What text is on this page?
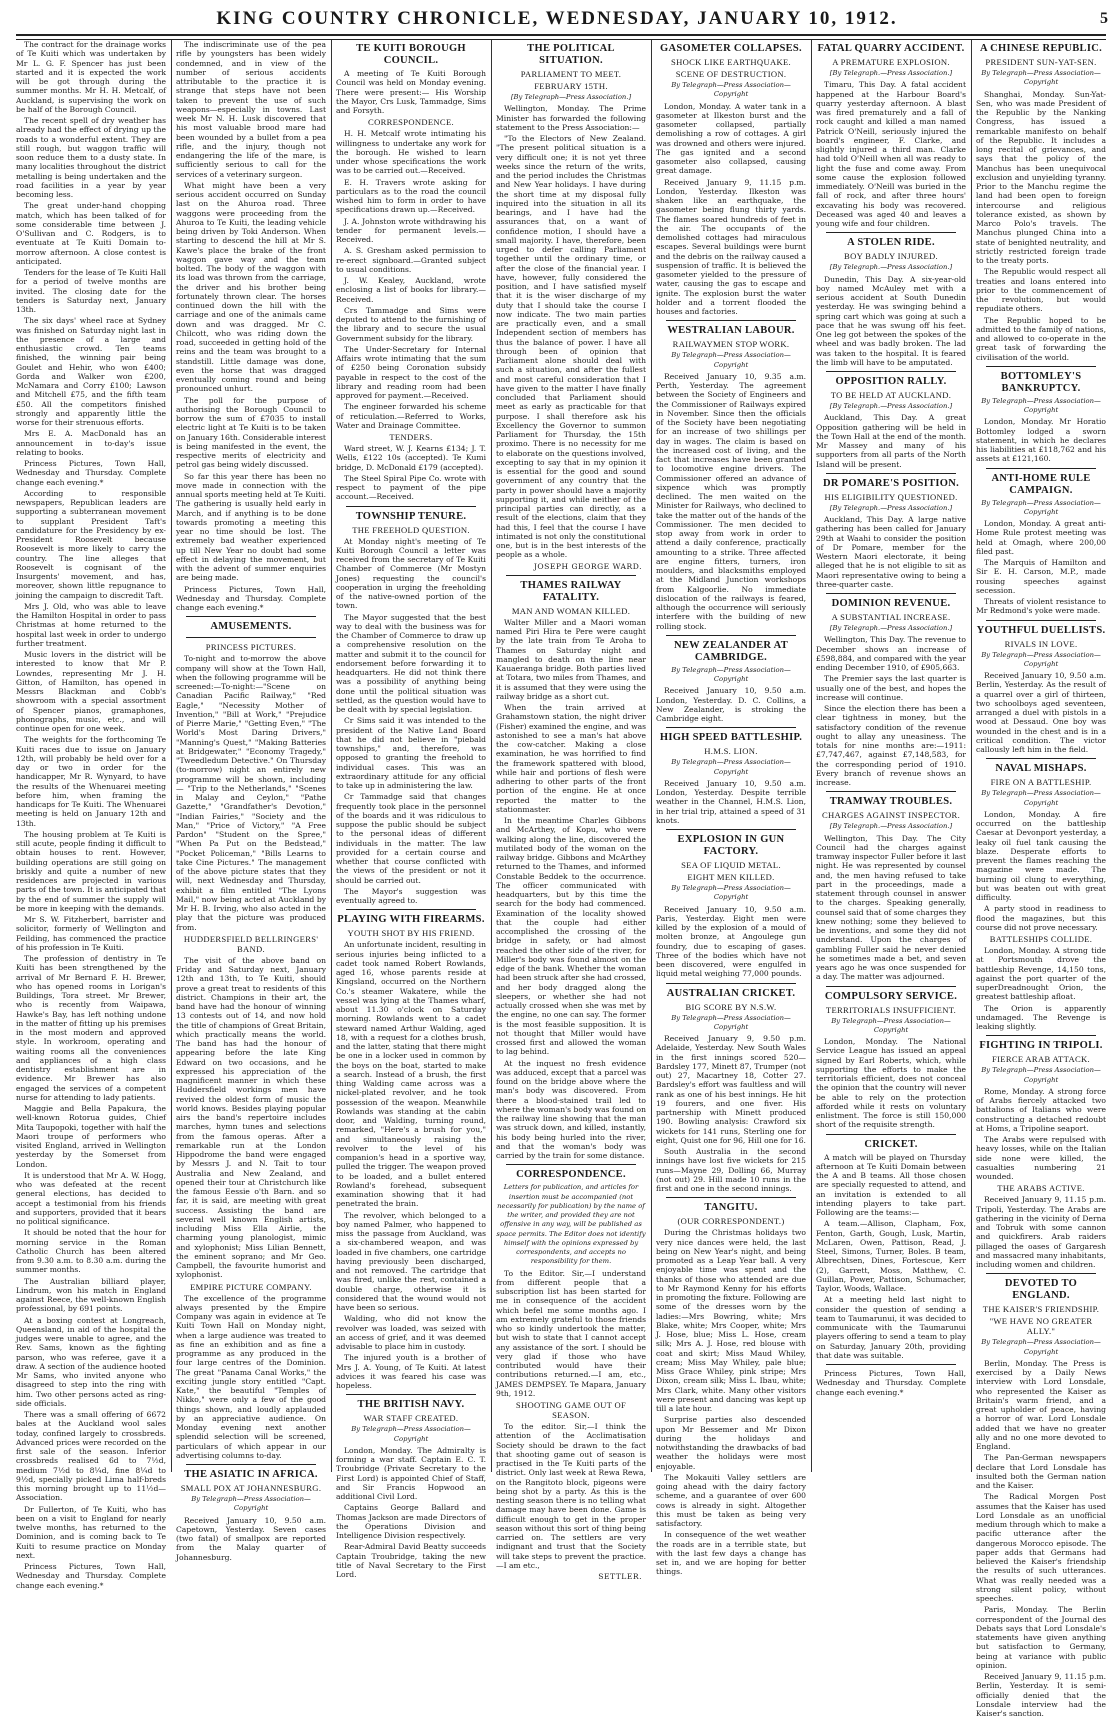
KING COUNTRY CHRONICLE, WEDNESDAY, JANUARY 10, 1912.	5

The contract for the drainage works of Te Kuiti which was undertaken by Mr L. G. F. Spencer has just been started and it is expected the work will be got through during the summer months. Mr H. H. Metcalf, of Auckland, is supervising the work on be half of the Borough Council.

The recent spell of dry weather has already had the effect of drying up the roads to a wonderful extent. They are still rough, but waggon traffic will soon reduce them to a dusty state. In many localities throughout the district metalling is being undertaken and the road facilities in a year by year becoming less.

The great under-hand chopping match, which has been talked of for some considerable time between J. O'Sullivan and C. Rodgers, is to eventuate at Te Kuiti Domain to-morrow afternoon. A close contest is anticipated.

Tenders for the lease of Te Kuiti Hall for a period of twelve months are invited. The closing date for the tenders is Saturday next, January 13th.

The six days' wheel race at Sydney was finished on Saturday night last in the presence of a large and enthusiastic crowd. Ten teams finished, the winning pair being Goulet and Hehir, who won £400; Gorda and Walker won £200, McNamara and Corry £100; Lawson and Mitchell £75, and the fifth team £50. All the competitors finished strongly and apparently little the worse for their strenuous efforts.

Mrs E. A. MacDonald has an announcement in to-day's issue relating to books.

Princess Pictures, Town Hall, Wednesday and Thursday. Complete change each evening.*

According to responsible newspapers, Republican leaders are supporting a subterranean movement to supplant President Taft's candidature for the Presidency by ex-President Roosevelt because Roosevelt is more likely to carry the country. The line alleges that Roosevelt is cognisant of the Insurgents' movement, and has, moreover, shown little repugnance to joining the campaign to discredit Taft.

Mrs J. Old, who was able to leave the Hamilton Hospital in order to pass Christmas at home returned to the hospital last week in order to undergo further treatment.

Music lovers in the district will be interested to know that Mr P. Lowndes, representing Mr J. H. Gitton, of Hamilton, has opened in Messrs Blackman and Cobb's showroom with a special assortment of Spencer pianos, gramaphones, phonographs, music, etc., and will continue open for one week.

The weights for the forthcoming Te Kuiti races due to issue on January 12th, will probably be held over for a day or two in order for the handicapper, Mr R. Wynyard, to have the results of the Whenuarei meeting before him, when framing the handicaps for Te Kuiti. The Whenuarei meeting is held on January 12th and 13th.

The housing problem at Te Kuiti is still acute, people finding it difficult to obtain houses to rent. However, building operations are still going on briskly and quite a number of new residences are projected in various parts of the town. It is anticipated that by the end of summer the supply will be more in keeping with the demands.

Mr S. W. Fitzherbert, barrister and solicitor, formerly of Wellington and Feilding, has commenced the practice of his profession in Te Kuiti.

The profession of dentistry in Te Kuiti has been strengthened by the arrival of Mr Bernard F. H. Brewer, who has opened rooms in Lorigan's Buildings, Tora street. Mr Brewer, who is recently from Waipawa, Hawke's Bay, has left nothing undone in the matter of fitting up his premises in the most modern and approved style. In workroom, operating and waiting rooms all the conveniences and appliances of a high class dentistry establishment are in evidence. Mr Brewer has also engaged the services of a competent nurse for attending to lady patients.

Maggie and Bella Papakura, the well-known Rotorua guides, Chief Mita Taupopoki, together with half the Maori troupe of performers who visited England, arrived in Wellington yesterday by the Somerset from London.

It is understood that Mr A. W. Hogg, who was defeated at the recent general elections, has decided to accept a testimonial from his friends and supporters, provided that it bears no political significance.

It should be noted that the hour for morning service in the Roman Catholic Church has been altered from 9.30 a.m. to 8.30 a.m. during the summer months.

The Australian billiard player, Lindrum, won his match in England against Reece, the well-known English professional, by 691 points.

At a boxing contest at Longreach, Queensland, in aid of the hospital the judges were unable to agree, and the Rev. Sams, known as the fighting parson, who was referee, gave it a draw. A section of the audience hooted Mr Sams, who invited anyone who disagreed to step into the ring with him. Two other persons acted as ring-side officials.

There was a small offering of 6672 bales at the Auckland wool sales today, confined largely to crossbreds. Advanced prices were recorded on the first sale of the season. Inferior crossbreds realised 6d to 7½d, medium 7½d to 8¼d, fine 8¼d to 9½d, specially picked Lima half-breds this morning brought up to 11½d—Association.

Dr Fullerton, of Te Kuiti, who has been on a visit to England for nearly twelve months, has returned to the Dominion, and is coming back to Te Kuiti to resume practice on Monday next.

Princess Pictures, Town Hall, Wednesday and Thursday. Complete change each evening.*

The indiscriminate use of the pea rifle by youngsters has been widely condemned, and in view of the number of serious accidents attributable to the practice it is strange that steps have not been taken to prevent the use of such weapons—especially in towns. Last week Mr N. H. Lusk discovered that his most valuable brood mare had been wounded by a bullet from a pea rifle, and the injury, though not endangering the life of the mare, is sufficiently serious to call for the services of a veterinary surgeon.

What might have been a very serious accident occurred on Sunday last on the Ahuroa road. Three waggons were proceeding from the Ahuroa to Te Kuiti, the leading vehicle being driven by Toki Anderson. When starting to descend the hill at Mr S. Kawe's place the brake of the front waggon gave way and the team bolted. The body of the waggon with its load was thrown from the carriage, the driver and his brother being fortunately thrown clear. The horses continued down the hill with the carriage and one of the animals came down and was dragged. Mr C. Chilcott, who was riding down the road, succeeded in getting hold of the reins and the team was brought to a standstill. Little damage was done, even the horse that was dragged eventually coming round and being pronounced unhurt.

The poll for the purpose of authorising the Borough Council to borrow the sum of £7035 to install electric light at Te Kuiti is to be taken on January 16th. Considerable interest is being manifested in the event, the respective merits of electricity and petrol gas being widely discussed.

So far this year there has been no move made in connection with the annual sports meeting held at Te Kuiti. The gathering is usually held early in March, and if anything is to be done towards promoting a meeting this year no time should be lost. The extremely bad weather experienced up till New Year no doubt had some effect in delaying the movement, but with the advent of summer enquiries are being made.

Princess Pictures, Town Hall, Wednesday and Thursday. Complete change each evening.*

AMUSEMENTS.
PRINCESS PICTURES.

To-night and to-morrow the above company will show at the Town Hall, when the following programme will be screened:—To-night:—"Scene on Canadian Pacific Railway," "Red Eagle," "Necessity Mother of Invention," "Bill at Work," "Prejudice of Pierre Marie," "Getting Even," "The World's Most Daring Drivers," "Manning's Quest," "Making Batteries at Bridgewater," "Economy Tragedy," "Tweedledum Detective." On Thursday (to-morrow) night an entirely new programme will be shown, including — "Trip to the Netherlands," "Scenes in Malay and Ceylon," "Pathe Gazette," "Grandfather's Devotion," "Indian Fairies," "Society and the Man," "Price of Victory," "A Free Pardon" "Student on the Spree," "When Pa Put on the Bedstead," "Pocket Policeman," "Bills Learns to take Cine Pictures." The management of the above picture states that they will, next Wednesday and Thursday, exhibit a film entitled "The Lyons Mail," now being acted at Auckland by Mr H. B. Irving, who also acted in the play that the picture was produced from.

HUDDERSFIELD BELLRINGERS' BAND.

The visit of the above band on Friday and Saturday next, January 12th and 13th, to Te Kuiti, should prove a great treat to residents of this district. Champions in their art, the band have had the honour of winning 13 contests out of 14, and now hold the title of champions of Great Britain, which practically means the world. The band has had the honour of appearing before the late King Edward on two occasions, and he expressed his appreciation of the magnificent manner in which these Huddersfield workings men have revived the oldest form of music the world knows. Besides playing popular airs the band's repertoire includes marches, hymn tunes and selections from the famous operas. After a remarkable run at the London Hippodrome the band were engaged by Messrs J. and N. Tait to tour Australia and New Zealand, and opened their tour at Christchurch like the famous Eessie o'th Barn. and so far, it is said, are meeting with great success. Assisting the band are several well known English artists, including Miss Ella Airlie, the charming young planologist, mimic and xylophonist; Miss Lilian Bennett, the eminent soprano; and Mr Geo. Campbell, the favourite humorist and xylophonist.

EMPIRE PICTURE COMPANY.

The excellence of the programme always presented by the Empire Company was again in evidence at Te Kuiti Town Hall on Monday night, when a large audience was treated to as fine an exhibition and as fine a programme as any produced in the four large centres of the Dominion. The great "Panama Canal Works," the exciting jungle story entitled "Capt. Kate," the beautiful "Temples of Nikko," were only a few of the good things shown, and loudly applauded by an appreciative audience. On Monday evening next another splendid selection will be screened, particulars of which appear in our advertising columns to-day.

THE ASIATIC IN AFRICA.
SMALL POX AT JOHANNESBURG.
By Telegraph—Press Association—Copyright

Received January 10, 9.50 a.m. Capetown, Yesterday. Seven cases (two fatal) of smallpox are reported from the Malay quarter of Johannesburg.

TE KUITI BOROUGH COUNCIL.

A meeting of Te Kuiti Borough Council was held on Monday evening. There were present:— His Worship the Mayor, Crs Lusk, Tammadge, Sims and Forsyth.

CORRESPONDENCE.

H. H. Metcalf wrote intimating his willingness to undertake any work for the borough. He wished to learn under whose specifications the work was to be carried out.—Received.

E. H. Travers wrote asking for particulars as to the road the council wished him to form in order to have specifications drawn up.—Received.

J. A. Johnston wrote withdrawing his tender for permanent levels.—Received.

A. S. Gresham asked permission to re-erect signboard.—Granted subject to usual conditions.

J. W. Kealey, Auckland, wrote enclosing a list of books for library.—Received.

Crs Tammadge and Sims were deputed to attend to the furnishing of the library and to secure the usual Government subsidy for the library.

The Under-Secretary for Internal Affairs wrote intimating that the sum of £250 being Coronation subsidy payable in respect to the cost of the library and reading room had been approved for payment.—Received.

The engineer forwarded his scheme of reticulation.—Referred to Works, Water and Drainage Committee.

TENDERS.

Ward street, W. J. Kearns £134; J. T. Wells, £122 10s (accepted). Te Kumi bridge, D. McDonald £179 (accepted).

The Steel Spiral Pipe Co. wrote with respect to payment of the pipe account.—Received.

TOWNSHIP TENURE.
THE FREEHOLD QUESTION.

At Monday night's meeting of Te Kuiti Borough Council a letter was received from the secretary of Te Kuiti Chamber of Commerce (Mr Mostyn Jones) requesting the council's cooperation in urging the freeholding of the native-owned portion of the town.

The Mayor suggested that the best way to deal with the business was for the Chamber of Commerce to draw up a comprehensive resolution on the matter and submit it to the council for endorsement before forwarding it to headquarters. He did not think there was a possibility of anything being done until the political situation was settled, as the question would have to be dealt with by special legislation.

Cr Sims said it was intended to the president of the Native Land Board that he did not believe in "piebald townships," and, therefore, was opposed to granting the freehold to individual cases. This was an extraordinary attitude for any official to take up in administering the law.

Cr Tammadge said that changes frequently took place in the personnel of the boards and it was ridiculous to suppose the public should be subject to the personal ideas of different individuals in the matter. The law provided for a certain course and whether that course conflicted with the views of the president or not it should be carried out.

The Mayor's suggestion was eventually agreed to.

PLAYING WITH FIREARMS.
YOUTH SHOT BY HIS FRIEND.

An unfortunate incident, resulting in serious injuries being inflicted to a cadet took named Robert Rowlands, aged 16, whose parents reside at Kingsland, occurred on the Northern Co.'s steamer Wakatere, while the vessel was lying at the Thames wharf, about 11.30 o'clock on Saturday morning. Rowlands went to a cadet steward named Arthur Walding, aged 18, with a request for a clothes brush, and the latter, stating that there might be one in a locker used in common by the boys on the boat, started to make a search. Instead of a brush, the first thing Walding came across was a nickel-plated revolver, and he took possession of the weapon. Meanwhile Rowlands was standing at the cabin door, and Walding, turning round, remarked, "Here's a brush for you," and simultaneously raising the revolver to the level of his companion's head in a sportive way, pulled the trigger. The weapon proved to be loaded, and a bullet entered Rowland's forehead, subsequent examination showing that it had penetrated the brain.

The revolver, which belonged to a boy named Palmer, who happened to miss the passage from Auckland, was a six-chambered weapon, and was loaded in five chambers, one cartridge having previously been discharged, and not removed. The cartridge that was fired, unlike the rest, contained a double charge, otherwise it is considered that the wound would not have been so serious.

Walding, who did not know the revolver was loaded, was seized with an access of grief, and it was deemed advisable to place him in custody.

The injured youth is a brother of Mrs J. A. Young, of Te Kuiti. At latest advices it was feared his case was hopeless.

THE BRITISH NAVY.
WAR STAFF CREATED.
By Telegraph—Press Association—Copyright

London, Monday. The Admiralty is forming a war staff. Captain E. C. T. Troubridge (Private Secretary to the First Lord) is appointed Chief of Staff, and Sir Francis Hopwood an additional Civil Lord.

Captains George Ballard and Thomas Jackson are made Directors of the Operations Division and Intelligence Division respectively.

Rear-Admiral David Beatty succeeds Captain Troubridge, taking the new title of Naval Secretary to the First Lord.

THE POLITICAL SITUATION.
PARLIAMENT TO MEET.
FEBRUARY 15TH.
[By Telegraph—Press Association.]

Wellington, Monday. The Prime Minister has forwarded the following statement to the Press Association:—

"To the Electors of New Zealand. "The present political situation is a very difficult one; it is not yet three weeks since the return of the writs, and the period includes the Christmas and New Year holidays. I have during the short time at my disposal fully inquired into the situation in all its bearings, and I have had the assurances that, on a want of confidence motion, I should have a small majority. I have, therefore, been urged to defer calling Parliament together until the ordinary time, or after the close of the financial year. I have, however, fully considered the position, and I have satisfied myself that it is the wiser discharge of my duty that I should take the course I now indicate. The two main parties are practically even, and a small Independent section of members has thus the balance of power. I have all through been of opinion that Parliament alone should deal with such a situation, and after the fullest and most careful consideration that I have given to the matter I have finally concluded that Parliament should meet as early as practicable for that purpose. I shall therefore ask his Excellency the Governor to summon Parliament for Thursday, the 15th proximo. There is no necessity for me to elaborate on the questions involved, excepting to say that in my opinion it is essential for the good and sound government of any country that the party in power should have a majority supporting it, and while neither of the principal parties can directly, as a result of the elections, claim that they had this, I feel that the course I have intimated is not only the constitutional one, but is in the best interests of the people as a whole.

JOSEPH GEORGE WARD.
THAMES RAILWAY FATALITY.
MAN AND WOMAN KILLED.

Walter Miller and a Maori woman named Piri Hira te Pere were caught by the late train from Te Aroha to Thames on Saturday night and mangled to death on the line near Kauaeranga bridge. Both parties lived at Totara, two miles from Thames, and it is assumed that they were using the railway bridge as a short cut.

When the train arrived at Grahamstown station, the night driver (Fisher) examined the engine, and was astonished to see a man's hat above the cow-catcher. Making a close examination, he was horrified to find the framework spattered with blood, while hair and portions of flesh were adhering to other parts of the front portion of the engine. He at once reported the matter to the stationmaster.

In the meantime Charles Gibbons and McArthey, of Kopu, who were walking along the line, discovered the mutilated body of the woman on the railway bridge. Gibbons and McArthey returned to the Thames, and informed Constable Beddek to the occurrence. The officer communicated with headquarters, but by this time the search for the body had commenced. Examination of the locality showed that the couple had either accomplished the crossing of the bridge in safety, or had almost reached the other side of the river, for Miller's body was found almost on the edge of the bank. Whether the woman had been struck after she had crossed, and her body dragged along the sleepers, or whether she had not actually crossed when she was met by the engine, no one can say. The former is the most feasible supposition. It is not thought that Miller would have crossed first and allowed the woman to lag behind.

At the inquest no fresh evidence was adduced, except that a parcel was found on the bridge above where the man's body was discovered. From there a blood-stained trail led to where the woman's body was found on the railway line showing that the man was struck down, and killed, instantly, his body being hurled into the river, and that the woman's body was carried by the train for some distance.

CORRESPONDENCE.
Letters for publication, and articles for insertion must be accompanied (not necessarily for publication) by the name of the writer, and provided they are not offensive in any way, will be published as space permits. The Editor does not identify himself with the opinions expressed by correspondents, and accepts no responsibility for them.

To the Editor. Sir,—I understand from different people that a subscription list has been started for me in consequence of the accident which befel me some months ago. I am extremely grateful to those friends who so kindly undertook the matter, but wish to state that I cannot accept any assistance of the sort. I should be very glad if those who have contributed would have their contributions returned.—I am, etc., JAMES DEMPSEY. Te Mapara, January 9th, 1912.

SHOOTING GAME OUT OF SEASON.

To the editor. Sir,—I think the attention of the Acclimatisation Society should be drawn to the fact that shooting game out of season is practised in the Te Kuiti parts of the district. Only last week at Rewa Rewa, on the Rangitoto block, pigeons were being shot by a party. As this is the nesting season there is no telling what damage may have been done. Game is difficult enough to get in the proper season without this sort of thing being carried on. The settlers are very indignant and trust that the Society will take steps to prevent the practice.—I am etc.,

SETTLER.
GASOMETER COLLAPSES.
SHOCK LIKE EARTHQUAKE.
SCENE OF DESTRUCTION.
By Telegraph—Press Association—Copyright

London, Monday. A water tank in a gasometer at Ilkeston burst and the gasometer collapsed, partially demolishing a row of cottages. A girl was drowned and others were injured. The gas ignited and a second gasometer also collapsed, causing great damage.

Received January 9, 11.15 p.m. London, Yesterday. Ilkeston was shaken like an earthquake, the gasometer being flung thirty yards. The flames soared hundreds of feet in the air. The occupants of the demolished cottages had miraculous escapes. Several buildings were burnt and the debris on the railway caused a suspension of traffic. It is believed the gasometer yielded to the pressure of water, causing the gas to escape and ignite. The explosion burst the water holder and a torrent flooded the houses and factories.

WESTRALIAN LABOUR.
RAILWAYMEN STOP WORK.
By Telegraph—Press Association—Copyright

Received January 10, 9.35 a.m. Perth, Yesterday. The agreement between the Society of Engineers and the Commissioner of Railways expired in November. Since then the officials of the Society have been negotiating for an increase of two shillings per day in wages. The claim is based on the increased cost of living, and the fact that increases have been granted to locomotive engine drivers. The Commissioner offered an advance of sixpence which was promptly declined. The men waited on the Minister for Railways, who declined to take the matter out of the hands of the Commissioner. The men decided to stop away from work in order to attend a daily conference, practically amounting to a strike. Three affected are engine fitters, turners, iron moulders, and blacksmiths employed at the Midland Junction workshops from Kalgoorlie. No immediate dislocation of the railways is feared, although the occurrence will seriously interfere with the building of new rolling stock.

NEW ZEALANDER AT CAMBRIDGE.
By Telegraph—Press Association—Copyright

Received January 10, 9.50 a.m. London, Yesterday. D. C. Collins, a New Zealander, is stroking the Cambridge eight.

HIGH SPEED BATTLESHIP.
H.M.S. LION.
By Telegraph—Press Association—Copyright

Received January 10, 9.50 a.m. London, Yesterday. Despite terrible weather in the Channel, H.M.S. Lion, in her trial trip, attained a speed of 31 knots.

EXPLOSION IN GUN FACTORY.
SEA OF LIQUID METAL.
EIGHT MEN KILLED.
By Telegraph—Press Association—Copyright

Received January 10, 9.50 a.m. Paris, Yesterday. Eight men were killed by the explosion of a mould of molten bronze, at Angoulege gun foundry, due to escaping of gases. Three of the bodies which have not been discovered, were engulfed in liquid metal weighing 77,000 pounds.

AUSTRALIAN CRICKET.
BIG SCORE BY N.S.W.
By Telegraph—Press Association—Copyright

Received January 9, 9.50 p.m. Adelaide, Yesterday. New South Wales in the first innings scored 520—Bardsley 177, Minett 87, Trumper (not out) 27, Macartney 18, Cotter 27. Bardsley's effort was faultless and will rank as one of his best innings. He hit 19 fourers, and one fiver. His partnership with Minett produced 190. Bowling analysis: Crawford six wickets for 141 runs, Sterling one for eight, Quist one for 96, Hill one for 16.

South Australia in the second innings have lost five wickets for 215 runs—Mayne 29, Dolling 66, Murray (not out) 29. Hill made 10 runs in the first and one in the second innings.

TANGITU.
(OUR CORRESPONDENT.)

During the Christmas holidays two very nice dances were held, the last being on New Year's night, and being promoted as a Leap Year ball. A very enjoyable time was spent and the thanks of those who attended are due to Mr Raymond Kenny for his efforts in promoting the fixture. Following are some of the dresses worn by the ladies:—Mrs Bowring, white; Mrs Blake, white; Mrs Cooper, white; Mrs J. Hose, blue; Miss L. Hose, cream silk; Mrs A. J. Hose, red blouse with coat and skirt; Miss Maud Whiley, cream; Miss May Whiley, pale blue; Miss Grace Whiley, pink stripe; Mrs Dixon, cream silk; Miss L. Ibau, white; Mrs Clark, white. Many other visitors were present and dancing was kept up till a late hour.

Surprise parties also descended upon Mr Bessemer and Mr Dixon during the holidays and notwithstanding the drawbacks of bad weather the holidays were most enjoyable.

The Mokauiti Valley settlers are going ahead with the dairy factory scheme, and a guarantee of over 600 cows is already in sight. Altogether this must be taken as being very satisfactory.

In consequence of the wet weather the roads are in a terrible state, but with the last few days a change has set in, and we are hoping for better things.

FATAL QUARRY ACCIDENT.
A PREMATURE EXPLOSION.
[By Telegraph.—Press Association.]

Timaru, This Day. A fatal accident happened at the Harbour Board's quarry yesterday afternoon. A blast was fired prematurely and a fall of rock caught and killed a man named Patrick O'Neill, seriously injured the board's engineer, F. Clarke, and slightly injured a third man. Clarke had told O'Neill when all was ready to light the fuse and come away. From some cause the explosion followed immediately. O'Neill was buried in the fall of rock, and after three hours' excavating his body was recovered. Deceased was aged 40 and leaves a young wife and four children.

A STOLEN RIDE.
BOY BADLY INJURED.
[By Telegraph.—Press Association.]

Dunedin, This Day. A six-year-old boy named McAuley met with a serious accident at South Dunedin yesterday. He was swinging behind a spring cart which was going at such a pace that he was swung off his feet. One leg got between the spokes of the wheel and was badly broken. The lad was taken to the hospital. It is feared the limb will have to be amputated.

OPPOSITION RALLY.
TO BE HELD AT AUCKLAND.
[By Telegraph.—Press Association.]

Auckland, This Day. A great Opposition gathering will be held in the Town Hall at the end of the month. Mr Massey and many of his supporters from all parts of the North Island will be present.

DR POMARE'S POSITION.
HIS ELIGIBILITY QUESTIONED.
[By Telegraph.—Press Association.]

Auckland, This Day. A large native gathering has been called for January 29th at Waahi to consider the position of Dr Pomare, member for the Western Maori electorate, it being alleged that he is not eligible to sit as Maori representative owing to being a three-quarter caste.

DOMINION REVENUE.
A SUBSTANTIAL INCREASE.
[By Telegraph.—Press Association.]

Wellington, This Day. The revenue to December shows an increase of £598,884, and compared with the year ending December 1910, of £905,663.

The Premier says the last quarter is usually one of the best, and hopes the increase will continue.

Since the election there has been a clear tightness in money, but the satisfactory condition of the revenue ought to allay any uneasiness. The totals for nine months are:—1911: £7,747,467, against £7,148,583, for the corresponding period of 1910. Every branch of revenue shows an increase.

TRAMWAY TROUBLES.
CHARGES AGAINST INSPECTOR.
[By Telegraph.—Press Association.]

Wellington, This Day. The City Council had the charges against tramway inspector Fuller before it last night. He was represented by counsel and, the men having refused to take part in the proceedings, made a statement through counsel in answer to the charges. Speaking generally, counsel said that of some charges they knew nothing; some they believed to be inventions, and some they did not understand. Upon the charges of gambling Fuller said he never denied he sometimes made a bet, and seven years ago he was once suspended for a day. The matter was adjourned.

COMPULSORY SERVICE.
TERRITORIALS INSUFFICIENT.
By Telegraph—Press Association—Copyright

London, Monday. The National Service League has issued an appeal signed by Earl Roberts, which, while supporting the efforts to make the territorials efficient, does not conceal the opinion that the country will never be able to rely on the protection afforded while it rests on voluntary enlistment. The force is still 150,000 short of the requisite strength.

CRICKET.

A match will be played on Thursday afternoon at Te Kuiti Domain between the A and B teams. All those chosen are specially requested to attend, and an invitation is extended to all intending players to take part. Following are the teams:—

A team.—Allison, Clapham, Fox, Fenton, Garth, Gough, Lusk, Martin, McLaren, Owen, Pattison, Read, J. Steel, Simons, Turner, Boles. B team, Albrechtsen, Dines, Fortescue, Kerr (2), Garrett, Moss, Matthew, C. Guillan, Power, Pattison, Schumacher, Taylor, Woods, Wallace.

At a meeting held last night to consider the question of sending a team to Taumarunui, it was decided to communicate with the Taumarunui players offering to send a team to play on Saturday, January 20th, providing that date was suitable.

Princess Pictures, Town Hall, Wednesday and Thursday. Complete change each evening.*

A CHINESE REPUBLIC.
PRESIDENT SUN-YAT-SEN.
By Telegraph—Press Association—Copyright

Shanghai, Monday. Sun-Yat-Sen, who was made President of the Republic by the Nanking Congress, has issued a remarkable manifesto on behalf of the Republic. It includes a long recital of grievances, and says that the policy of the Manchus has been unequivocal exclusion and unyielding tyranny. Prior to the Manchu regime the land had been open to foreign intercourse and religious tolerance existed, as shown by Marco Polo's travels. The Manchus plunged China into a state of benighted neutrality, and strictly restricted foreign trade to the treaty ports.

The Republic would respect all treaties and loans entered into prior to the commencement of the revolution, but would repudiate others.

The Republic hoped to be admitted to the family of nations, and allowed to co-operate in the great task of forwarding the civilisation of the world.

BOTTOMLEY'S BANKRUPTCY.
By Telegraph—Press Association—Copyright

London, Monday. Mr Horatio Bottomley lodged a sworn statement, in which he declares his liabilities at £118,762 and his assets at £121,160.

ANTI-HOME RULE CAMPAIGN.
By Telegraph—Press Association—Copyright

London, Monday. A great anti-Home Rule protest meeting was held at Omagh, where 200,00 filed past.

The Marquis of Hamilton and Sir E. H. Carson, M.P., made rousing speeches against secession.

Threats of violent resistance to Mr Redmond's yoke were made.

YOUTHFUL DUELLISTS.
RIVALS IN LOVE.
By Telegraph—Press Association—Copyright

Received January 10, 9.50 a.m. Berlin, Yesterday. As the result of a quarrel over a girl of thirteen, two schoolboys aged seventeen, arranged a duel with pistols in a wood at Dessaud. One boy was wounded in the chest and is in a critical condition. The victor callously left him in the field.

NAVAL MISHAPS.
FIRE ON A BATTLESHIP.
By Telegraph—Press Association—Copyright

London, Monday. A fire occurred on the battleship Caesar at Devonport yesterday, a leaky oil fuel tank causing the blaze. Desperate efforts to prevent the flames reaching the magazine were made. The burning oil clung to everything, but was beaten out with great difficulty.

A party stood in readiness to flood the magazines, but this course did not prove necessary.

BATTLESHIPS COLLIDE.

London, Monday. A strong tide at Portsmouth drove the battleship Revenge, 14,150 tons, against the port quarter of the superDreadnought Orion, the greatest battleship afloat.

The Orion is apparently undamaged. The Revenge is leaking slightly.

FIGHTING IN TRIPOLI.
FIERCE ARAB ATTACK.
By Telegraph—Press Association—Copyright

Rome, Monday. A strong force of Arabs fiercely attacked two battalions of Italians who were constructing a detached redoubt at Homs, a Tripoline seaport.

The Arabs were repulsed with heavy losses, while on the Italian side none were killed, the casualties numbering 21 wounded.

THE ARABS ACTIVE.

Received January 9, 11.15 p.m. Tripoli, Yesterday. The Arabs are gathering in the vicinity of Derna and Tobruk with some cannon and quickfirers. Arab raiders pillaged the oases of Gargaresh and massacred many inhabitants, including women and children.

DEVOTED TO ENGLAND.
THE KAISER'S FRIENDSHIP.
"WE HAVE NO GREATER ALLY."
By Telegraph—Press Association—Copyright

Berlin, Monday. The Press is exercised by a Daily News interview with Lord Lonsdale, who represented the Kaiser as Britain's warm friend, and a great upholder of peace, having a horror of war. Lord Lonsdale added that we have no greater ally and no one more devoted to England.

The Pan-German newspapers declare that Lord Lonsdale has insulted both the German nation and the Kaiser.

The Radical Morgen Post assumes that the Kaiser has used Lord Lonsdale as an unofficial medium through which to make a pacific utterance after the dangerous Morocco episode. The paper adds that Germans had believed the Kaiser's friendship the results of such utterances. What was really needed was a strong silent policy, without speeches.

Paris, Monday. The Berlin correspondent of the Journal des Debats says that Lord Lonsdale's statements have given anything but satisfaction to Germany, being at variance with public opinion.

Received January 9, 11.15 p.m. Berlin, Yesterday. It is semi-officially denied that the Lonsdale interview had the Kaiser's sanction.
